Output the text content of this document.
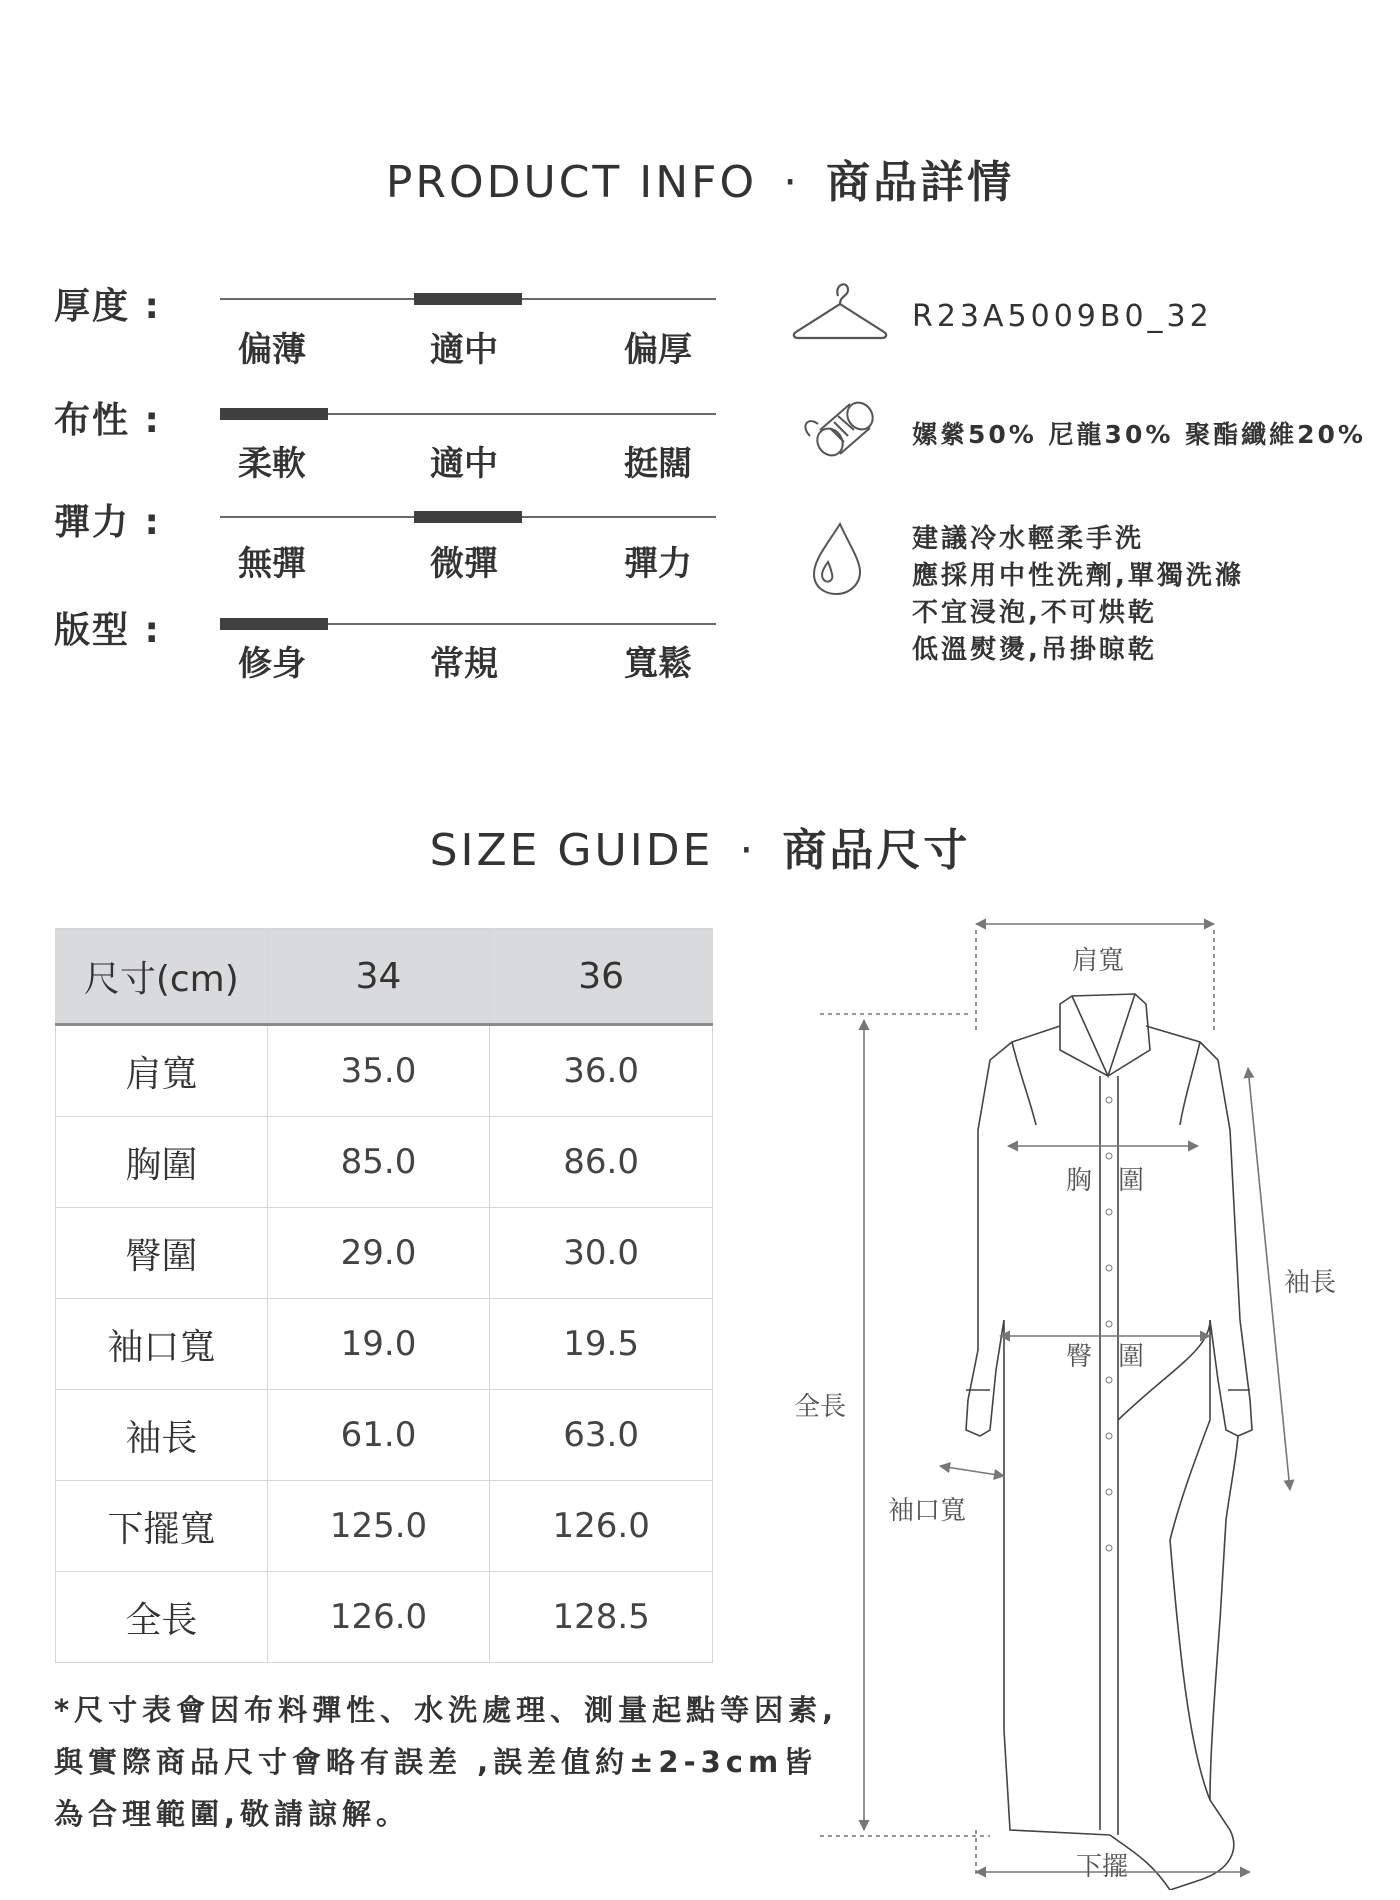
PRODUCT INFO · 商品詳情
厚度 :
偏薄	適中	偏厚
布性 :
柔軟	適中	挺闊
彈力 :
無彈	微彈	彈力
版型 :
修身	常規	寬鬆
R23A5009B0_32
嫘縈50% 尼龍30% 聚酯纖維20%
建議冷水輕柔手洗
應採用中性洗劑,單獨洗滌
不宜浸泡,不可烘乾
低溫熨燙,吊掛晾乾
SIZE GUIDE · 商品尺寸
尺寸(cm)	34	36
肩寬	35.0	36.0
胸圍	85.0	86.0
臀圍	29.0	30.0
袖口寬	19.0	19.5
袖長	61.0	63.0
下擺寬	125.0	126.0
全長	126.0	128.5
*尺寸表會因布料彈性、水洗處理、測量起點等因素,
與實際商品尺寸會略有誤差 ,誤差值約±2-3cm皆
為合理範圍,敬請諒解。
肩寬
胸　圍
臀　圍
袖長
全長
袖口寬
下擺
